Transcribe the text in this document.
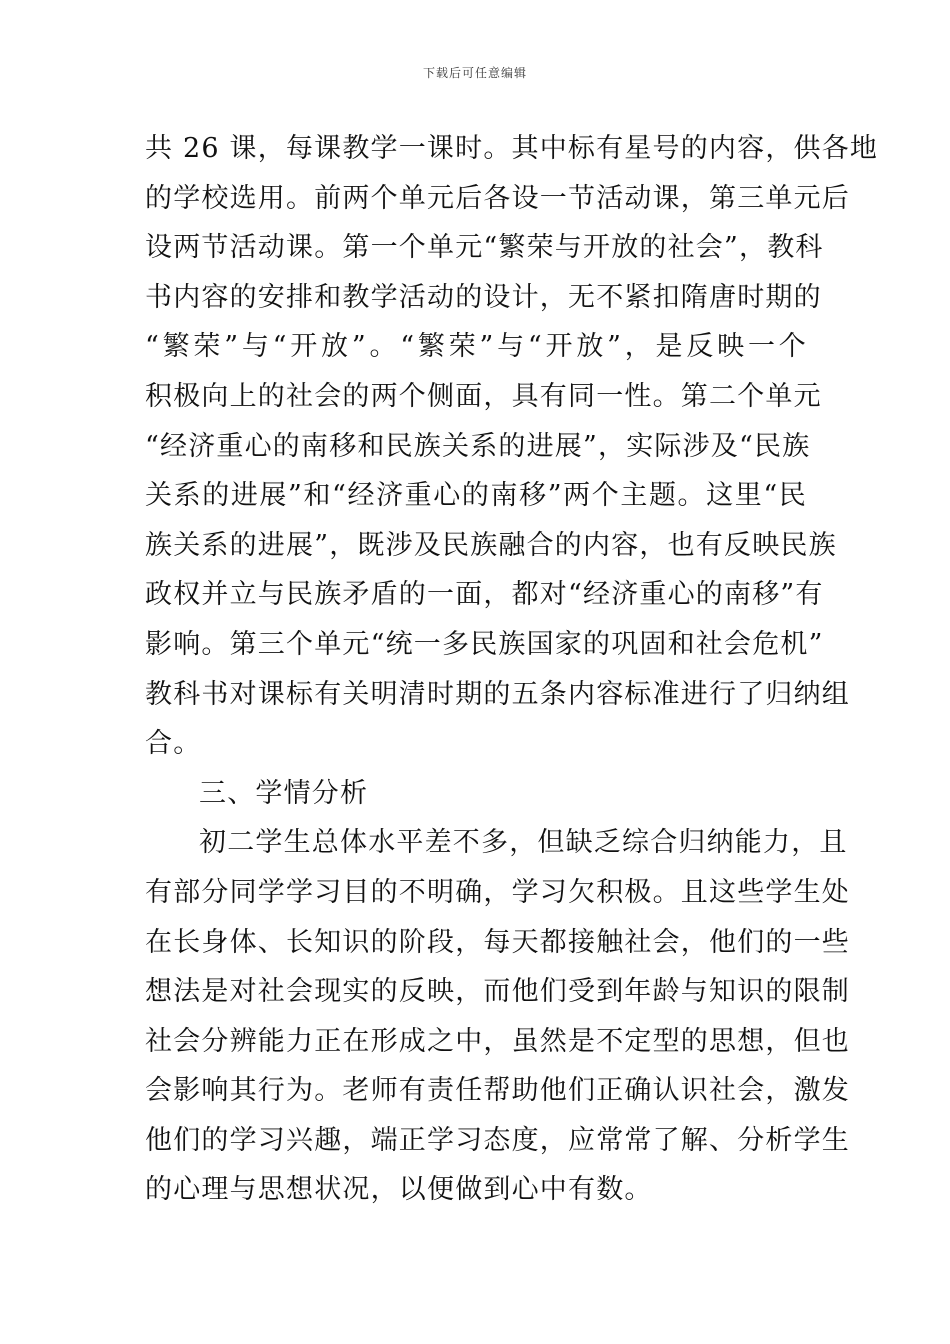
下载后可任意编辑
共 26 课，每课教学一课时。其中标有星号的内容，供各地
的学校选用。前两个单元后各设一节活动课，第三单元后
设两节活动课。第一个单元“繁荣与开放的社会”，教科
书内容的安排和教学活动的设计，无不紧扣隋唐时期的
“繁荣”与“开放”。“繁荣”与“开放”，是反映一个
积极向上的社会的两个侧面，具有同一性。第二个单元
“经济重心的南移和民族关系的进展”，实际涉及“民族
关系的进展”和“经济重心的南移”两个主题。这里“民
族关系的进展”，既涉及民族融合的内容，也有反映民族
政权并立与民族矛盾的一面，都对“经济重心的南移”有
影响。第三个单元“统一多民族国家的巩固和社会危机”
教科书对课标有关明清时期的五条内容标准进行了归纳组
合。
三、学情分析
初二学生总体水平差不多，但缺乏综合归纳能力，且
有部分同学学习目的不明确，学习欠积极。且这些学生处
在长身体、长知识的阶段，每天都接触社会，他们的一些
想法是对社会现实的反映，而他们受到年龄与知识的限制
社会分辨能力正在形成之中，虽然是不定型的思想，但也
会影响其行为。老师有责任帮助他们正确认识社会，激发
他们的学习兴趣，端正学习态度，应常常了解、分析学生
的心理与思想状况，以便做到心中有数。
